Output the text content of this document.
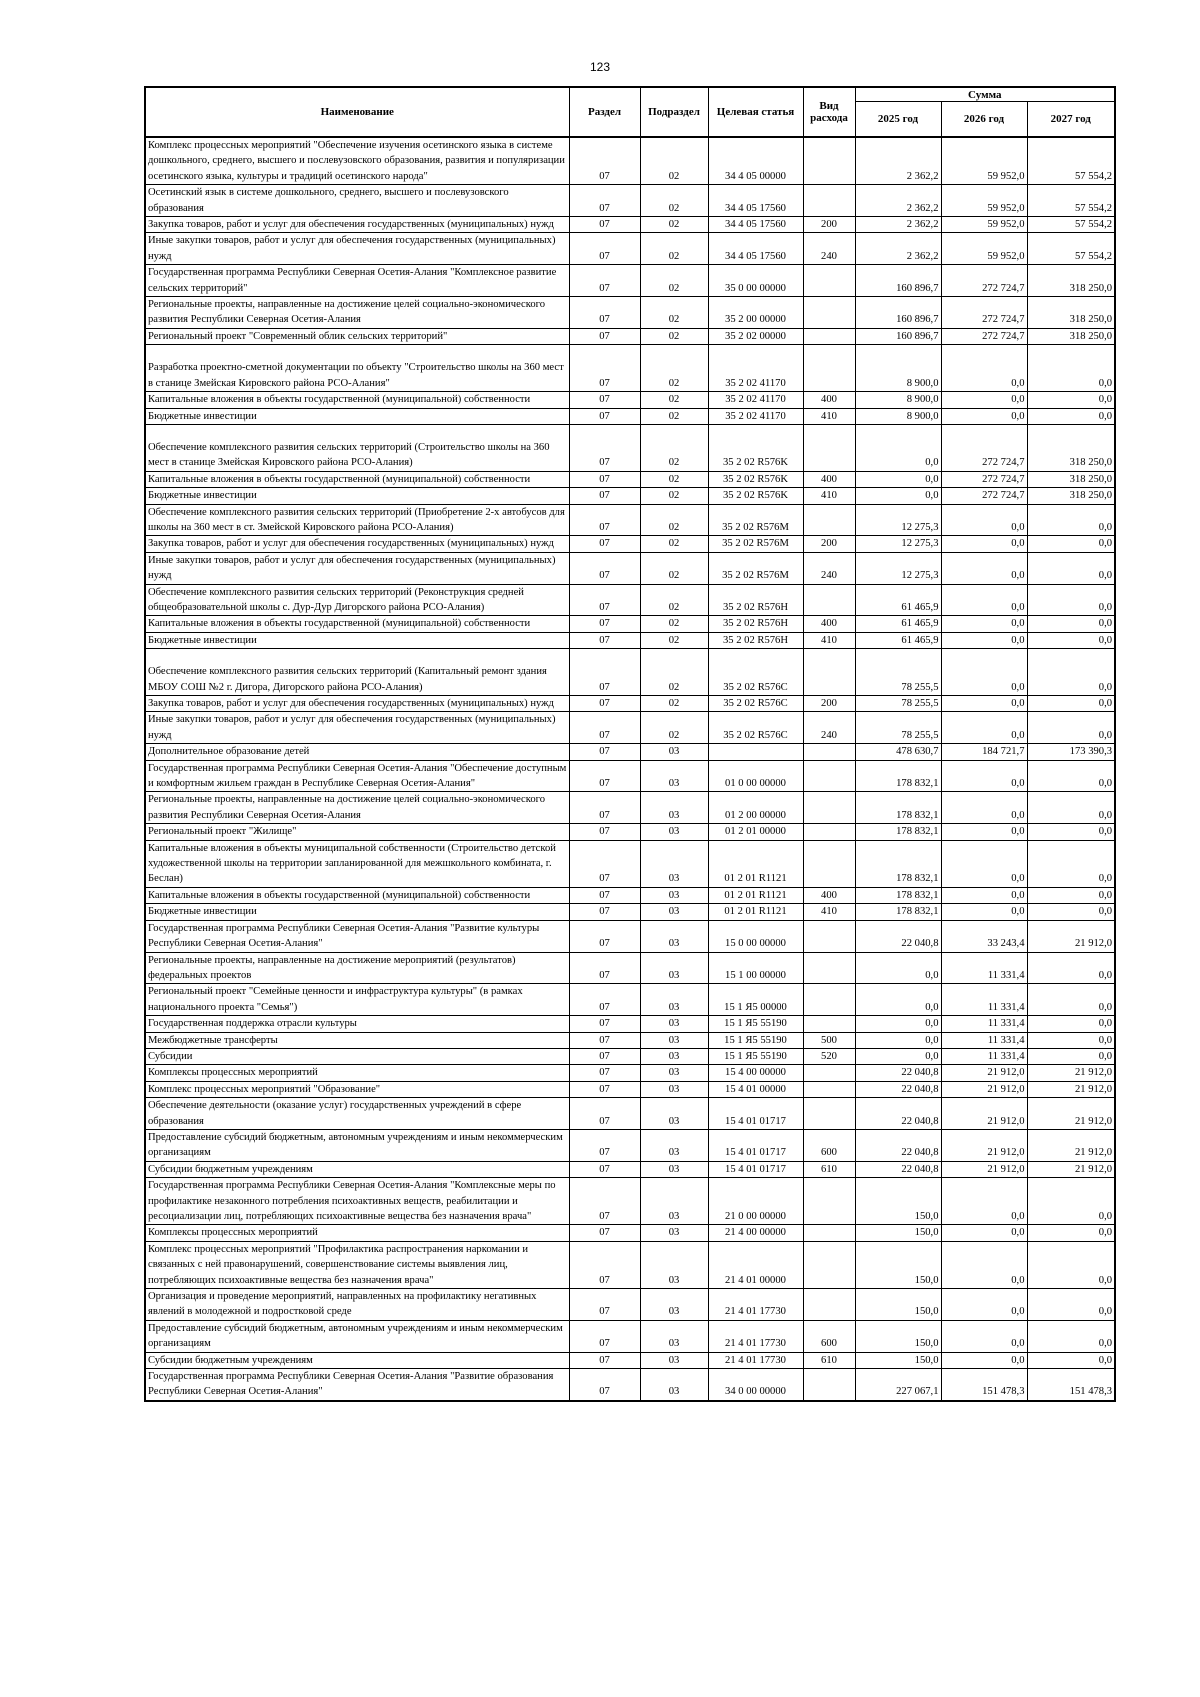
123
Наименование	Раздел	Подраздел	Целевая статья	Вид расхода	Сумма		
					2025 год	2026 год	2027 год
Комплекс процессных мероприятий "Обеспечение изучения осетинского языка в системе дошкольного, среднего, высшего и послевузовского образования, развития и популяризации осетинского языка, культуры и традиций осетинского народа"	07	02	34 4 05 00000		2 362,2	59 952,0	57 554,2
Осетинский язык в системе дошкольного, среднего, высшего и послевузовского образования	07	02	34 4 05 17560		2 362,2	59 952,0	57 554,2
Закупка товаров, работ и услуг для обеспечения государственных (муниципальных) нужд	07	02	34 4 05 17560	200	2 362,2	59 952,0	57 554,2
Иные закупки товаров, работ и услуг для обеспечения государственных (муниципальных) нужд	07	02	34 4 05 17560	240	2 362,2	59 952,0	57 554,2
Государственная программа Республики Северная Осетия-Алания "Комплексное развитие сельских территорий"	07	02	35 0 00 00000		160 896,7	272 724,7	318 250,0
Региональные проекты, направленные на достижение целей социально-экономического развития Республики Северная Осетия-Алания	07	02	35 2 00 00000		160 896,7	272 724,7	318 250,0
Региональный проект "Современный облик сельских территорий"	07	02	35 2 02 00000		160 896,7	272 724,7	318 250,0
Разработка проектно-сметной документации по объекту "Строительство школы на 360 мест в станице Змейская Кировского района РСО-Алания"	07	02	35 2 02 41170		8 900,0	0,0	0,0
Капитальные вложения в объекты государственной (муниципальной) собственности	07	02	35 2 02 41170	400	8 900,0	0,0	0,0
Бюджетные инвестиции	07	02	35 2 02 41170	410	8 900,0	0,0	0,0
Обеспечение комплексного развития сельских территорий (Строительство школы на 360 мест в станице Змейская Кировского района РСО-Алания)	07	02	35 2 02 R576K		0,0	272 724,7	318 250,0
Капитальные вложения в объекты государственной (муниципальной) собственности	07	02	35 2 02 R576K	400	0,0	272 724,7	318 250,0
Бюджетные инвестиции	07	02	35 2 02 R576K	410	0,0	272 724,7	318 250,0
Обеспечение комплексного развития сельских территорий (Приобретение 2-х автобусов для школы на 360 мест в ст. Змейской Кировского района РСО-Алания)	07	02	35 2 02 R576M		12 275,3	0,0	0,0
Закупка товаров, работ и услуг для обеспечения государственных (муниципальных) нужд	07	02	35 2 02 R576M	200	12 275,3	0,0	0,0
Иные закупки товаров, работ и услуг для обеспечения государственных (муниципальных) нужд	07	02	35 2 02 R576M	240	12 275,3	0,0	0,0
Обеспечение комплексного развития сельских территорий (Реконструкция средней общеобразовательной школы с. Дур-Дур Дигорского района РСО-Алания)	07	02	35 2 02 R576H		61 465,9	0,0	0,0
Капитальные вложения в объекты государственной (муниципальной) собственности	07	02	35 2 02 R576H	400	61 465,9	0,0	0,0
Бюджетные инвестиции	07	02	35 2 02 R576H	410	61 465,9	0,0	0,0
Обеспечение комплексного развития сельских территорий (Капитальный ремонт здания МБОУ СОШ №2 г. Дигора, Дигорского района РСО-Алания)	07	02	35 2 02 R576C		78 255,5	0,0	0,0
Закупка товаров, работ и услуг для обеспечения государственных (муниципальных) нужд	07	02	35 2 02 R576C	200	78 255,5	0,0	0,0
Иные закупки товаров, работ и услуг для обеспечения государственных (муниципальных) нужд	07	02	35 2 02 R576C	240	78 255,5	0,0	0,0
Дополнительное образование детей	07	03			478 630,7	184 721,7	173 390,3
Государственная программа Республики Северная Осетия-Алания "Обеспечение доступным и комфортным жильем граждан в Республике Северная Осетия-Алания"	07	03	01 0 00 00000		178 832,1	0,0	0,0
Региональные проекты, направленные на достижение целей социально-экономического развития Республики Северная Осетия-Алания	07	03	01 2 00 00000		178 832,1	0,0	0,0
Региональный проект "Жилище"	07	03	01 2 01 00000		178 832,1	0,0	0,0
Капитальные вложения в объекты муниципальной собственности (Строительство детской художественной школы на территории запланированной для межшкольного комбината, г. Беслан)	07	03	01 2 01 R1121		178 832,1	0,0	0,0
Капитальные вложения в объекты государственной (муниципальной) собственности	07	03	01 2 01 R1121	400	178 832,1	0,0	0,0
Бюджетные инвестиции	07	03	01 2 01 R1121	410	178 832,1	0,0	0,0
Государственная программа Республики Северная Осетия-Алания "Развитие культуры Республики Северная Осетия-Алания"	07	03	15 0 00 00000		22 040,8	33 243,4	21 912,0
Региональные проекты, направленные на достижение мероприятий (результатов) федеральных проектов	07	03	15 1 00 00000		0,0	11 331,4	0,0
Региональный проект "Семейные ценности и инфраструктура культуры" (в рамках национального проекта "Семья")	07	03	15 1 Я5 00000		0,0	11 331,4	0,0
Государственная поддержка отрасли культуры	07	03	15 1 Я5 55190		0,0	11 331,4	0,0
Межбюджетные трансферты	07	03	15 1 Я5 55190	500	0,0	11 331,4	0,0
Субсидии	07	03	15 1 Я5 55190	520	0,0	11 331,4	0,0
Комплексы процессных мероприятий	07	03	15 4 00 00000		22 040,8	21 912,0	21 912,0
Комплекс процессных мероприятий "Образование"	07	03	15 4 01 00000		22 040,8	21 912,0	21 912,0
Обеспечение деятельности (оказание услуг) государственных учреждений в сфере образования	07	03	15 4 01 01717		22 040,8	21 912,0	21 912,0
Предоставление субсидий бюджетным, автономным учреждениям и иным некоммерческим организациям	07	03	15 4 01 01717	600	22 040,8	21 912,0	21 912,0
Субсидии бюджетным учреждениям	07	03	15 4 01 01717	610	22 040,8	21 912,0	21 912,0
Государственная программа Республики Северная Осетия-Алания "Комплексные меры по профилактике незаконного потребления психоактивных веществ, реабилитации и ресоциализации лиц, потребляющих психоактивные вещества без назначения врача"	07	03	21 0 00 00000		150,0	0,0	0,0
Комплексы процессных мероприятий	07	03	21 4 00 00000		150,0	0,0	0,0
Комплекс процессных мероприятий "Профилактика распространения наркомании и связанных с ней правонарушений, совершенствование системы выявления лиц, потребляющих психоактивные вещества без назначения врача"	07	03	21 4 01 00000		150,0	0,0	0,0
Организация и проведение мероприятий, направленных на профилактику негативных явлений в молодежной и подростковой среде	07	03	21 4 01 17730		150,0	0,0	0,0
Предоставление субсидий бюджетным, автономным учреждениям и иным некоммерческим организациям	07	03	21 4 01 17730	600	150,0	0,0	0,0
Субсидии бюджетным учреждениям	07	03	21 4 01 17730	610	150,0	0,0	0,0
Государственная программа Республики Северная Осетия-Алания "Развитие образования Республики Северная Осетия-Алания"	07	03	34 0 00 00000		227 067,1	151 478,3	151 478,3
